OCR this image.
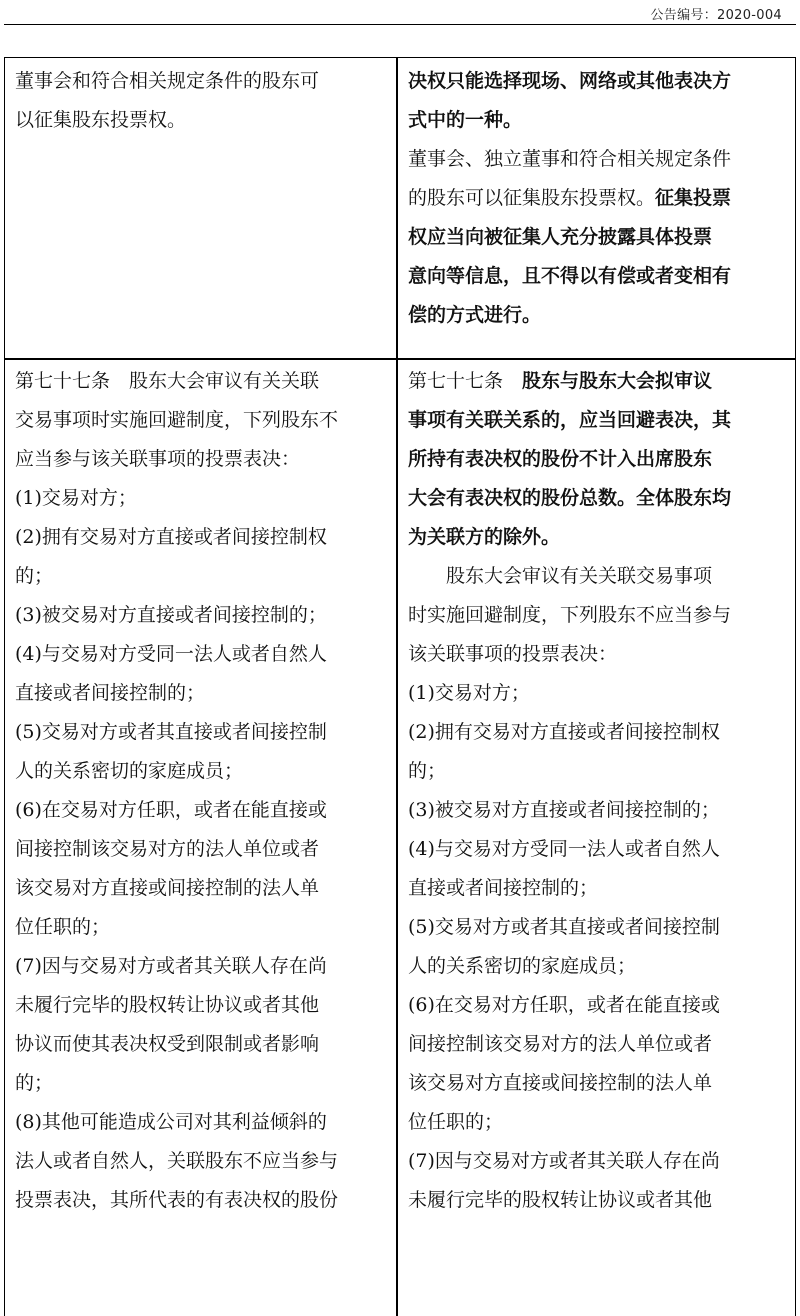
公告编号：2020-004

董事会和符合相关规定条件的股东可

以征集股东投票权。

决权只能选择现场、网络或其他表决方

式中的一种。

董事会、独立董事和符合相关规定条件

的股东可以征集股东投票权。征集投票

权应当向被征集人充分披露具体投票

意向等信息，且不得以有偿或者变相有

偿的方式进行。

第七十七条 股东大会审议有关关联

交易事项时实施回避制度，下列股东不

应当参与该关联事项的投票表决：

(1)交易对方；

(2)拥有交易对方直接或者间接控制权

的；

(3)被交易对方直接或者间接控制的；

(4)与交易对方受同一法人或者自然人

直接或者间接控制的；

(5)交易对方或者其直接或者间接控制

人的关系密切的家庭成员；

(6)在交易对方任职，或者在能直接或

间接控制该交易对方的法人单位或者

该交易对方直接或间接控制的法人单

位任职的；

(7)因与交易对方或者其关联人存在尚

未履行完毕的股权转让协议或者其他

协议而使其表决权受到限制或者影响

的；

(8)其他可能造成公司对其利益倾斜的

法人或者自然人，关联股东不应当参与

投票表决，其所代表的有表决权的股份

第七十七条 股东与股东大会拟审议

事项有关联关系的，应当回避表决，其

所持有表决权的股份不计入出席股东

大会有表决权的股份总数。全体股东均

为关联方的除外。

股东大会审议有关关联交易事项

时实施回避制度，下列股东不应当参与

该关联事项的投票表决：

(1)交易对方；

(2)拥有交易对方直接或者间接控制权

的；

(3)被交易对方直接或者间接控制的；

(4)与交易对方受同一法人或者自然人

直接或者间接控制的；

(5)交易对方或者其直接或者间接控制

人的关系密切的家庭成员；

(6)在交易对方任职，或者在能直接或

间接控制该交易对方的法人单位或者

该交易对方直接或间接控制的法人单

位任职的；

(7)因与交易对方或者其关联人存在尚

未履行完毕的股权转让协议或者其他
